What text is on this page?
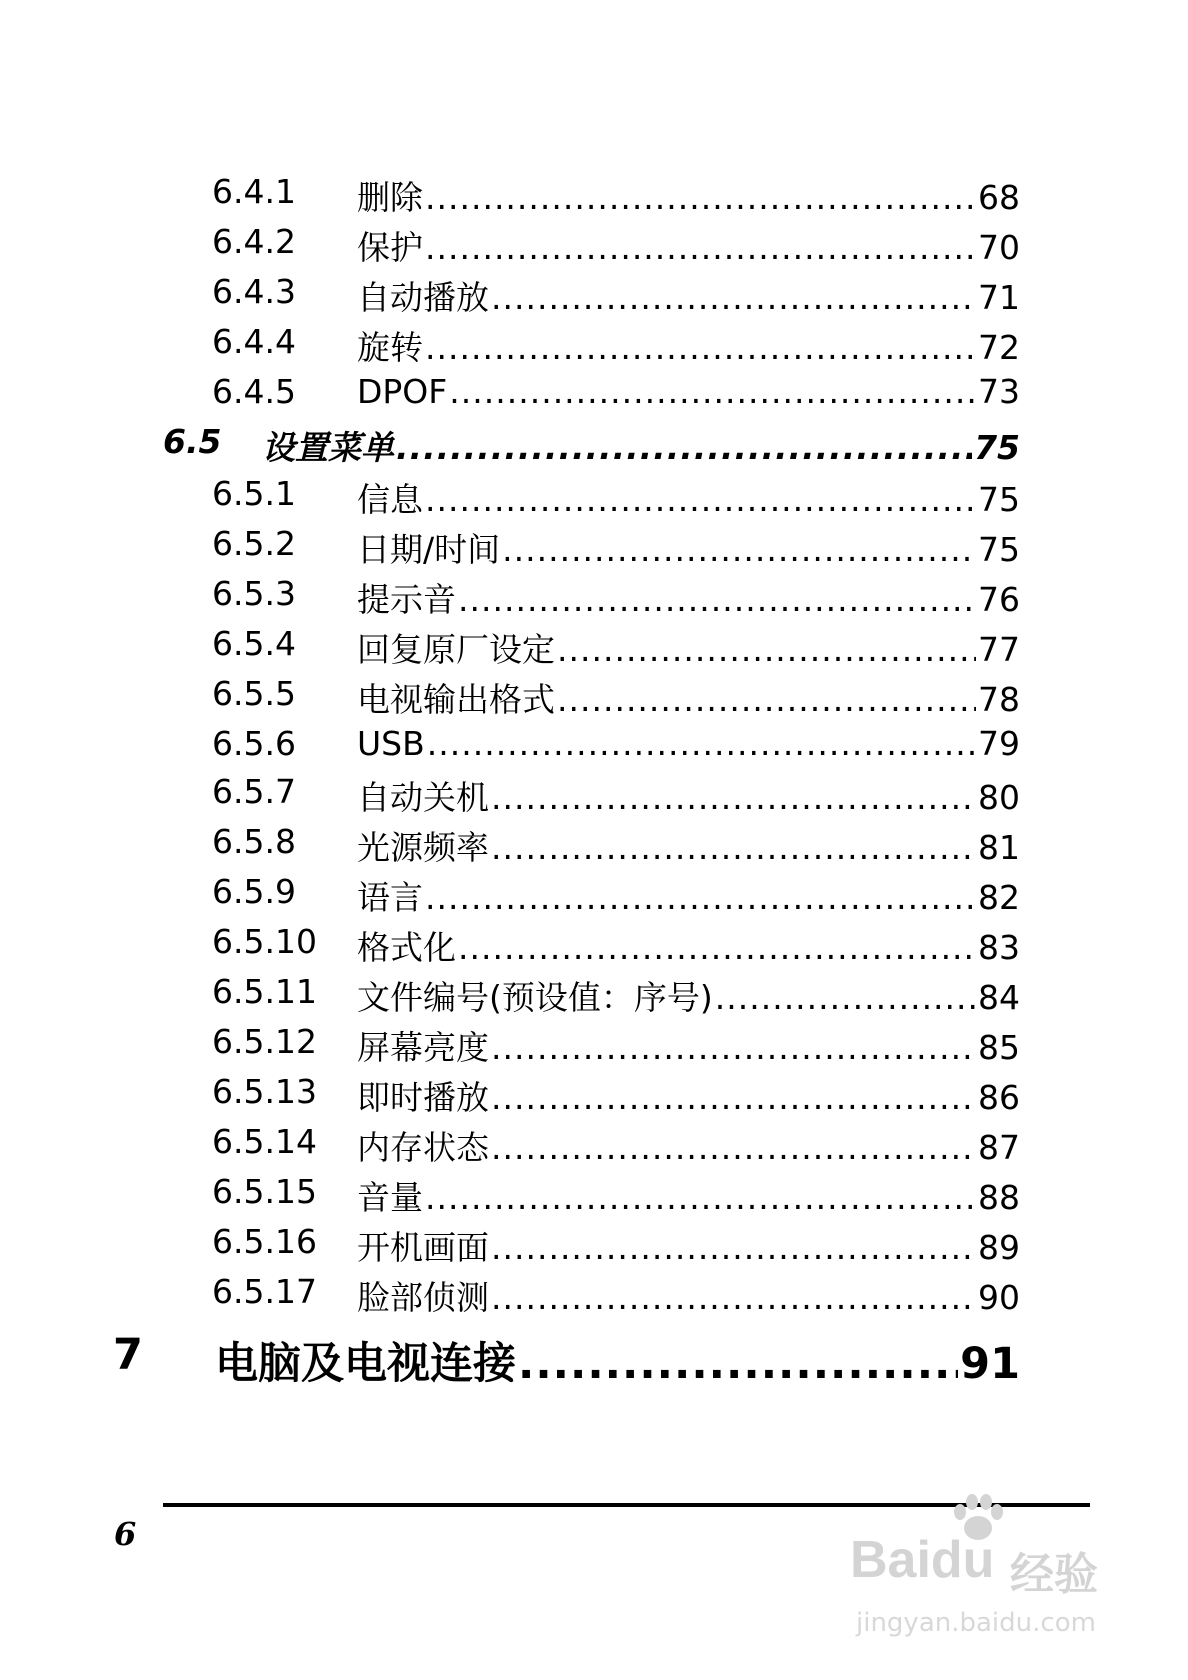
6.4.1 删除 .....	68
6.4.2 保护 .....	70
6.4.3 自动播放 .....	71
6.4.4 旋转 .....	72
6.4.5 DPOF .....	73
6.5 设置菜单 .....	75
6.5.1 信息 .....	75
6.5.2 日期/时间 .....	75
6.5.3 提示音 .....	76
6.5.4 回复原厂设定 .....	77
6.5.5 电视输出格式 .....	78
6.5.6 USB .....	79
6.5.7 自动关机 .....	80
6.5.8 光源频率 .....	81
6.5.9 语言 .....	82
6.5.10 格式化 .....	83
6.5.11 文件编号(预设值：序号) .....	84
6.5.12 屏幕亮度 .....	85
6.5.13 即时播放 .....	86
6.5.14 内存状态 .....	87
6.5.15 音量 .....	88
6.5.16 开机画面 .....	89
6.5.17 脸部侦测 .....	90
7 电脑及电视连接 .....	91
6	Baidu 经验
jingyan.baidu.com
